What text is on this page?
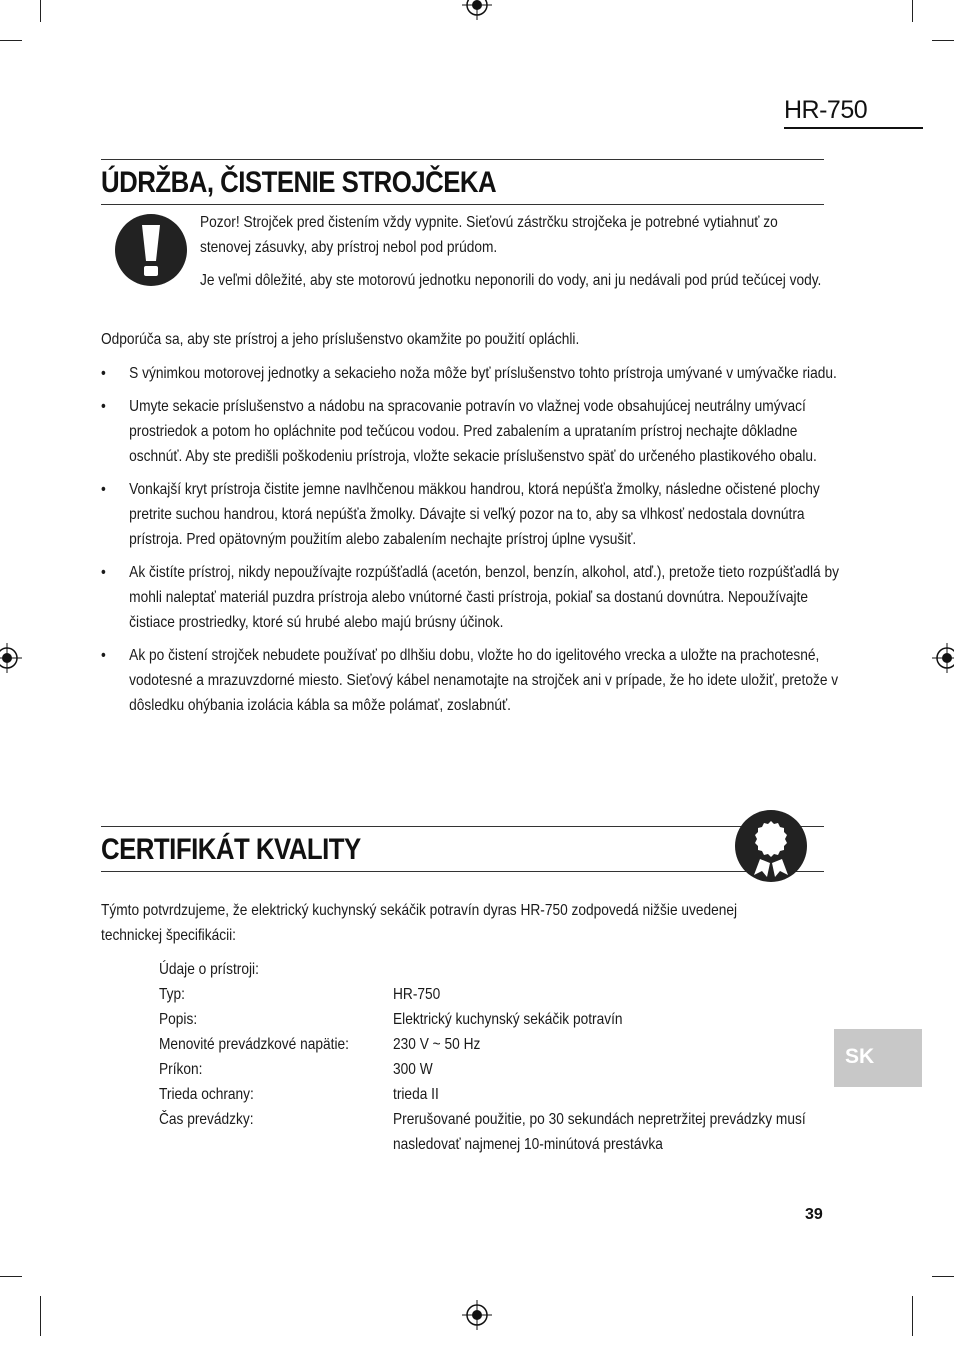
HR-750
ÚDRŽBA, ČISTENIE STROJČEKA
Pozor! Strojček pred čistením vždy vypnite. Sieťovú zástrčku strojčeka je potrebné vytiahnuť zo stenovej zásuvky, aby prístroj nebol pod prúdom.
Je veľmi dôležité, aby ste motorovú jednotku neponorili do vody, ani ju nedávali pod prúd tečúcej vody.
Odporúča sa, aby ste prístroj a jeho príslušenstvo okamžite po použití opláchli.
• S výnimkou motorovej jednotky a sekacieho noža môže byť príslušenstvo tohto prístroja umývané v umývačke riadu.
• Umyte sekacie príslušenstvo a nádobu na spracovanie potravín vo vlažnej vode obsahujúcej neutrálny umývací prostriedok a potom ho opláchnite pod tečúcou vodou. Pred zabalením a uprataním prístroj nechajte dôkladne oschnúť. Aby ste predišli poškodeniu prístroja, vložte sekacie príslušenstvo späť do určeného plastikového obalu.
• Vonkajší kryt prístroja čistite jemne navlhčenou mäkkou handrou, ktorá nepúšťa žmolky, následne očistené plochy pretrite suchou handrou, ktorá nepúšťa žmolky. Dávajte si veľký pozor na to, aby sa vlhkosť nedostala dovnútra prístroja. Pred opätovným použitím alebo zabalením nechajte prístroj úplne vysušiť.
• Ak čistíte prístroj, nikdy nepoužívajte rozpúšťadlá (acetón, benzol, benzín, alkohol, atď.), pretože tieto rozpúšťadlá by mohli naleptať materiál puzdra prístroja alebo vnútorné časti prístroja, pokiaľ sa dostanú dovnútra. Nepoužívajte čistiace prostriedky, ktoré sú hrubé alebo majú brúsny účinok.
• Ak po čistení strojček nebudete používať po dlhšiu dobu, vložte ho do igelitového vrecka a uložte na prachotesné, vodotesné a mrazuvzdorné miesto. Sieťový kábel nenamotajte na strojček ani v prípade, že ho idete uložiť, pretože v dôsledku ohýbania izolácia kábla sa môže polámať, zoslabnúť.
CERTIFIKÁT KVALITY
Týmto potvrdzujeme, že elektrický kuchynský sekáčik potravín dyras HR-750 zodpovedá nižšie uvedenej technickej špecifikácii:
Údaje o prístroji:

Typ:	HR-750
Popis:	Elektrický kuchynský sekáčik potravín
Menovité prevádzkové napätie:	230 V ~ 50 Hz
Príkon:	300 W
Trieda ochrany:	trieda II
Čas prevádzky:	Prerušované použitie, po 30 sekundách nepretržitej prevádzky musí nasledovať najmenej 10-minútová prestávka
SK
39
